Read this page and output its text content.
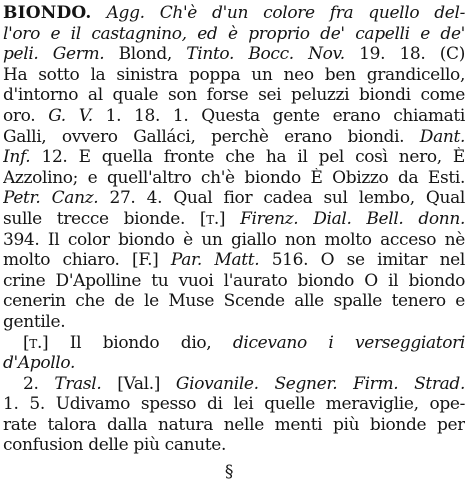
BIONDO. Agg. Ch'è d'un colore fra quello del-
l'oro e il castagnino, ed è proprio de' capelli e de'
peli. Germ. Blond, Tinto. Bocc. Nov. 19. 18. (C)
Ha sotto la sinistra poppa un neo ben grandicello,
d'intorno al quale son forse sei peluzzi biondi come
oro. G. V. 1. 18. 1. Questa gente erano chiamati
Galli, ovvero Galláci, perchè erano biondi. Dant.
Inf. 12. E quella fronte che ha il pel così nero, È
Azzolino; e quell'altro ch'è biondo È Obizzo da Esti.
Petr. Canz. 27. 4. Qual fior cadea sul lembo, Qual
sulle trecce bionde. [t.] Firenz. Dial. Bell. donn.
394. Il color biondo è un giallo non molto acceso nè
molto chiaro. [F.] Par. Matt. 516. O se imitar nel
crine D'Apolline tu vuoi l'aurato biondo O il biondo
cenerin che de le Muse Scende alle spalle tenero e
gentile.
[t.] Il biondo dio, dicevano i verseggiatori
d'Apollo.
2. Trasl. [Val.] Giovanile. Segner. Firm. Strad.
1. 5. Udivamo spesso di lei quelle meraviglie, ope-
rate talora dalla natura nelle menti più bionde per
confusion delle più canute.
§
